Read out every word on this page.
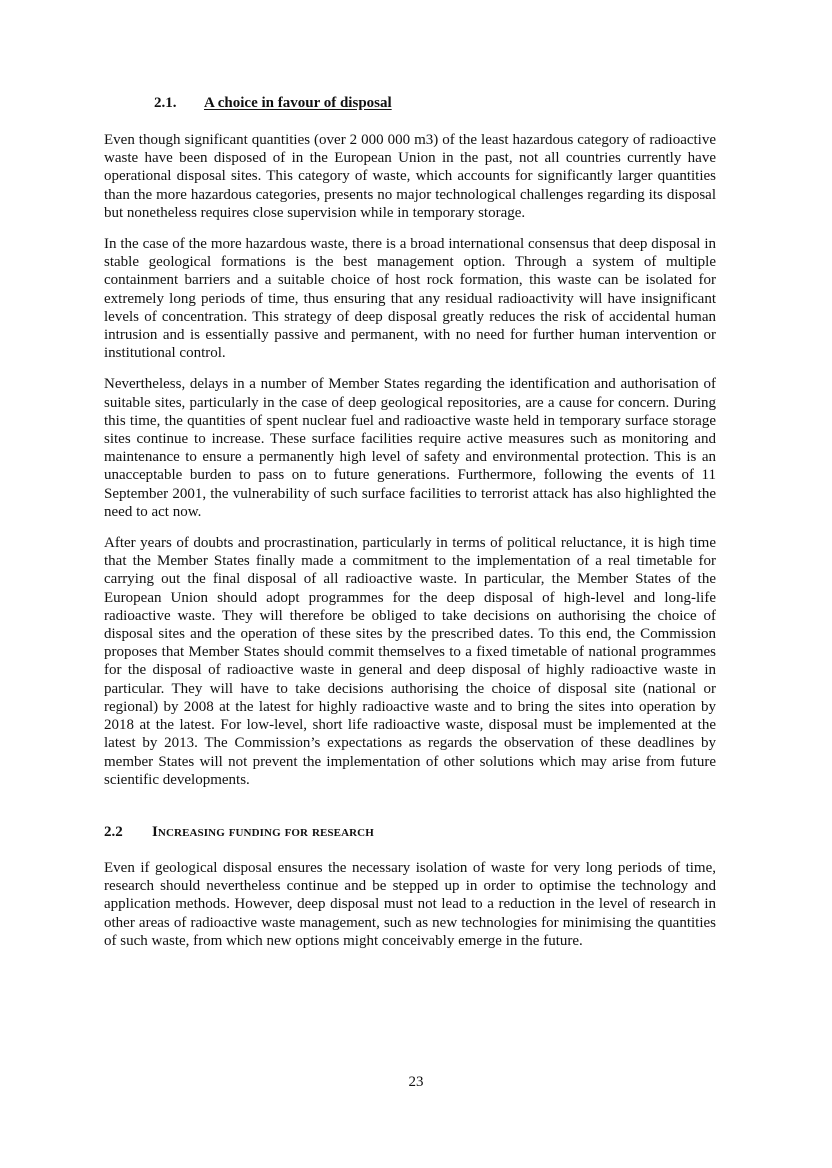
2.1.	A choice in favour of disposal

Even though significant quantities (over 2 000 000 m3) of the least hazardous category of radioactive waste have been disposed of in the European Union in the past, not all countries currently have operational disposal sites. This category of waste, which accounts for significantly larger quantities than the more hazardous categories, presents no major technological challenges regarding its disposal but nonetheless requires close supervision while in temporary storage.

In the case of the more hazardous waste, there is a broad international consensus that deep disposal in stable geological formations is the best management option. Through a system of multiple containment barriers and a suitable choice of host rock formation, this waste can be isolated for extremely long periods of time, thus ensuring that any residual radioactivity will have insignificant levels of concentration. This strategy of deep disposal greatly reduces the risk of accidental human intrusion and is essentially passive and permanent, with no need for further human intervention or institutional control.

Nevertheless, delays in a number of Member States regarding the identification and authorisation of suitable sites, particularly in the case of deep geological repositories, are a cause for concern. During this time, the quantities of spent nuclear fuel and radioactive waste held in temporary surface storage sites continue to increase. These surface facilities require active measures such as monitoring and maintenance to ensure a permanently high level of safety and environmental protection. This is an unacceptable burden to pass on to future generations. Furthermore, following the events of 11 September 2001, the vulnerability of such surface facilities to terrorist attack has also highlighted the need to act now.

After years of doubts and procrastination, particularly in terms of political reluctance, it is high time that the Member States finally made a commitment to the implementation of a real timetable for carrying out the final disposal of all radioactive waste. In particular, the Member States of the European Union should adopt programmes for the deep disposal of high-level and long-life radioactive waste. They will therefore be obliged to take decisions on authorising the choice of disposal sites and the operation of these sites by the prescribed dates. To this end, the Commission proposes that Member States should commit themselves to a fixed timetable of national programmes for the disposal of radioactive waste in general and deep disposal of highly radioactive waste in particular. They will have to take decisions authorising the choice of disposal site (national or regional) by 2008 at the latest for highly radioactive waste and to bring the sites into operation by 2018 at the latest. For low-level, short life radioactive waste, disposal must be implemented at the latest by 2013. The Commission’s expectations as regards the observation of these deadlines by member States will not prevent the implementation of other solutions which may arise from future scientific developments.

2.2	Increasing funding for research

Even if geological disposal ensures the necessary isolation of waste for very long periods of time, research should nevertheless continue and be stepped up in order to optimise the technology and application methods. However, deep disposal must not lead to a reduction in the level of research in other areas of radioactive waste management, such as new technologies for minimising the quantities of such waste, from which new options might conceivably emerge in the future.

23
